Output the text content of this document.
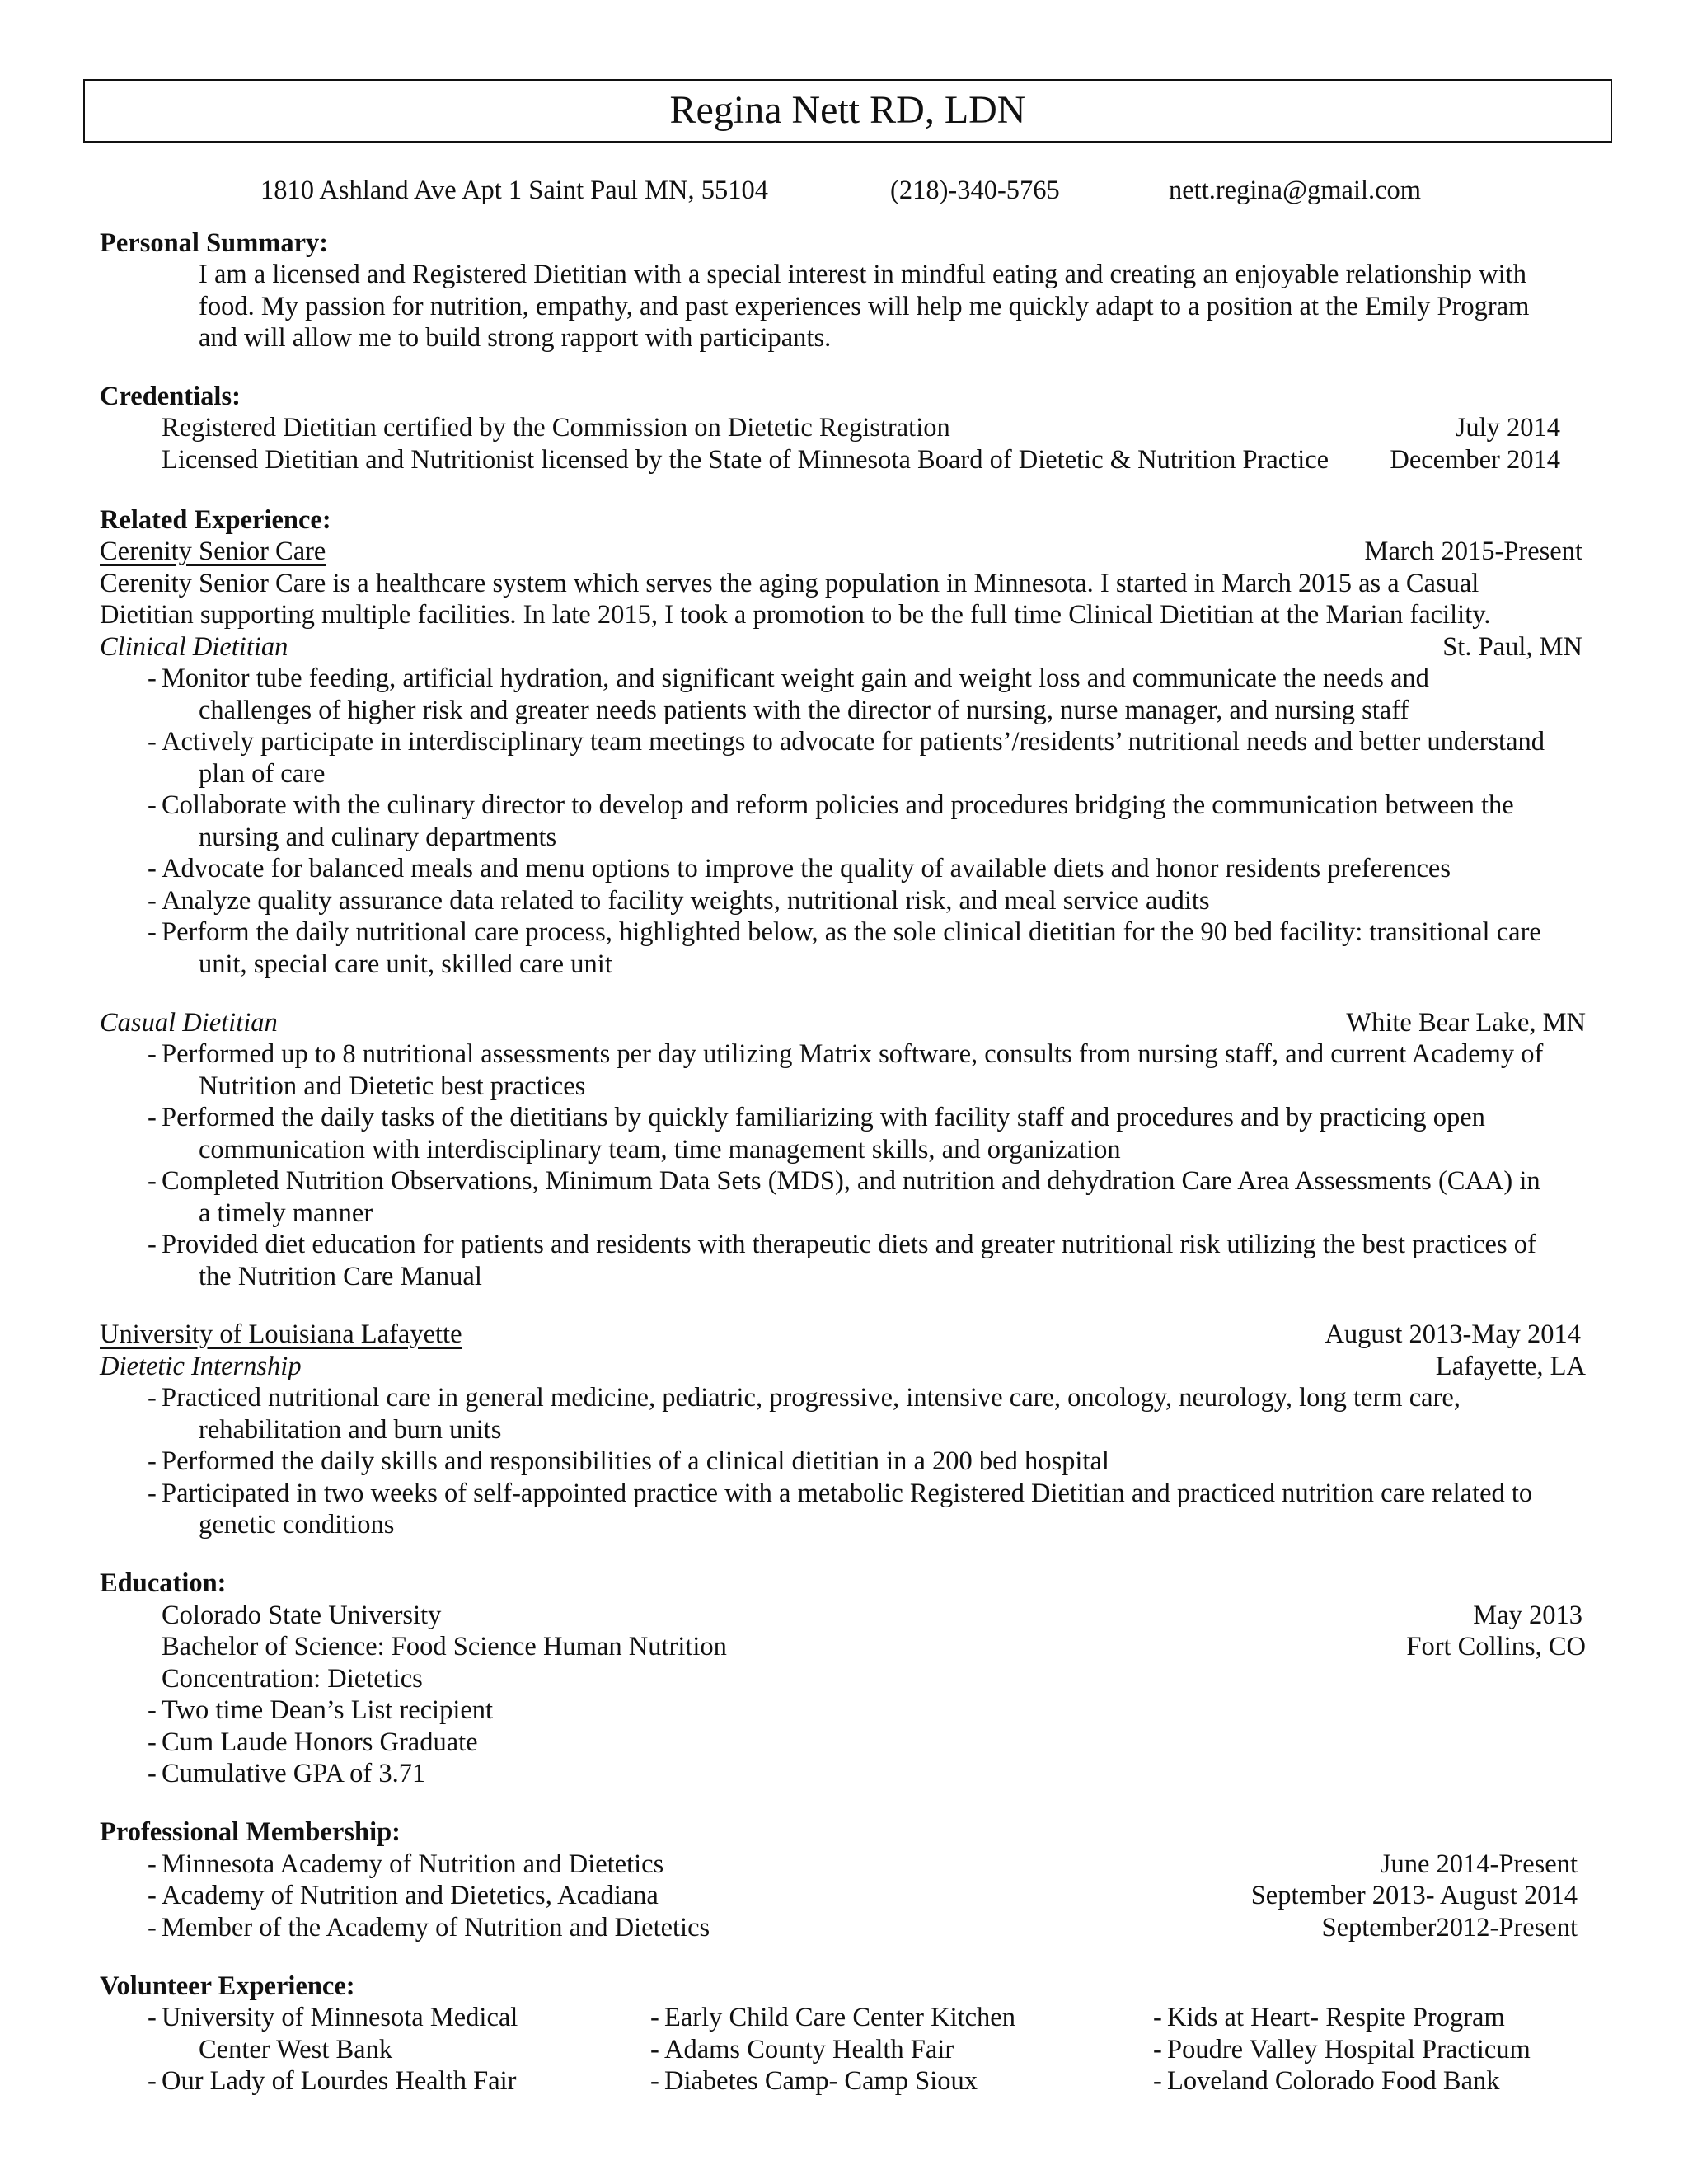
Regina Nett RD, LDN
1810 Ashland Ave Apt 1 Saint Paul MN, 55104	(218)-340-5765	nett.regina@gmail.com
Personal Summary:
I am a licensed and Registered Dietitian with a special interest in mindful eating and creating an enjoyable relationship with
food. My passion for nutrition, empathy, and past experiences will help me quickly adapt to a position at the Emily Program
and will allow me to build strong rapport with participants.
Credentials:
Registered Dietitian certified by the Commission on Dietetic Registration	July 2014
Licensed Dietitian and Nutritionist licensed by the State of Minnesota Board of Dietetic & Nutrition Practice December 2014
Related Experience:
Cerenity Senior Care	March 2015-Present
Cerenity Senior Care is a healthcare system which serves the aging population in Minnesota. I started in March 2015 as a Casual
Dietitian supporting multiple facilities. In late 2015, I took a promotion to be the full time Clinical Dietitian at the Marian facility.
Clinical Dietitian	St. Paul, MN
- Monitor tube feeding, artificial hydration, and significant weight gain and weight loss and communicate the needs and
challenges of higher risk and greater needs patients with the director of nursing, nurse manager, and nursing staff
- Actively participate in interdisciplinary team meetings to advocate for patients’/residents’ nutritional needs and better understand
plan of care
- Collaborate with the culinary director to develop and reform policies and procedures bridging the communication between the
nursing and culinary departments
- Advocate for balanced meals and menu options to improve the quality of available diets and honor residents preferences
- Analyze quality assurance data related to facility weights, nutritional risk, and meal service audits
- Perform the daily nutritional care process, highlighted below, as the sole clinical dietitian for the 90 bed facility: transitional care
unit, special care unit, skilled care unit
Casual Dietitian	White Bear Lake, MN
- Performed up to 8 nutritional assessments per day utilizing Matrix software, consults from nursing staff, and current Academy of
Nutrition and Dietetic best practices
- Performed the daily tasks of the dietitians by quickly familiarizing with facility staff and procedures and by practicing open
communication with interdisciplinary team, time management skills, and organization
- Completed Nutrition Observations, Minimum Data Sets (MDS), and nutrition and dehydration Care Area Assessments (CAA) in
a timely manner
- Provided diet education for patients and residents with therapeutic diets and greater nutritional risk utilizing the best practices of
the Nutrition Care Manual
University of Louisiana Lafayette	August 2013-May 2014
Dietetic Internship	Lafayette, LA
- Practiced nutritional care in general medicine, pediatric, progressive, intensive care, oncology, neurology, long term care,
rehabilitation and burn units
- Performed the daily skills and responsibilities of a clinical dietitian in a 200 bed hospital
- Participated in two weeks of self-appointed practice with a metabolic Registered Dietitian and practiced nutrition care related to
genetic conditions
Education:
Colorado State University	May 2013
Bachelor of Science: Food Science Human Nutrition	Fort Collins, CO
Concentration: Dietetics
- Two time Dean’s List recipient
- Cum Laude Honors Graduate
- Cumulative GPA of 3.71
Professional Membership:
- Minnesota Academy of Nutrition and Dietetics	June 2014-Present
- Academy of Nutrition and Dietetics, Acadiana	September 2013- August 2014
- Member of the Academy of Nutrition and Dietetics	September2012-Present
Volunteer Experience:
- University of Minnesota Medical
Center West Bank
- Our Lady of Lourdes Health Fair
- Early Child Care Center Kitchen
- Adams County Health Fair
- Diabetes Camp- Camp Sioux
- Kids at Heart- Respite Program
- Poudre Valley Hospital Practicum
- Loveland Colorado Food Bank
